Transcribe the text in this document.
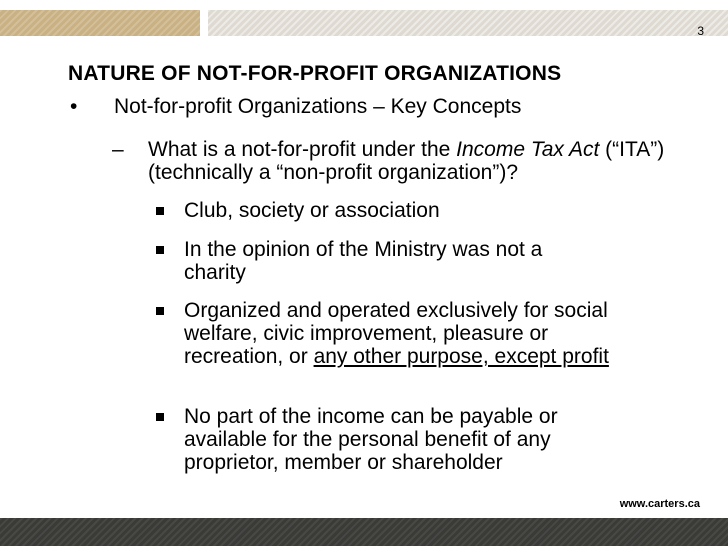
3
NATURE OF NOT-FOR-PROFIT ORGANIZATIONS
• Not-for-profit Organizations – Key Concepts
– What is a not-for-profit under the Income Tax Act (“ITA”) (technically a “non-profit organization”)?
Club, society or association
In the opinion of the Ministry was not a charity
Organized and operated exclusively for social welfare, civic improvement, pleasure or recreation, or any other purpose, except profit
No part of the income can be payable or available for the personal benefit of any proprietor, member or shareholder
www.carters.ca
